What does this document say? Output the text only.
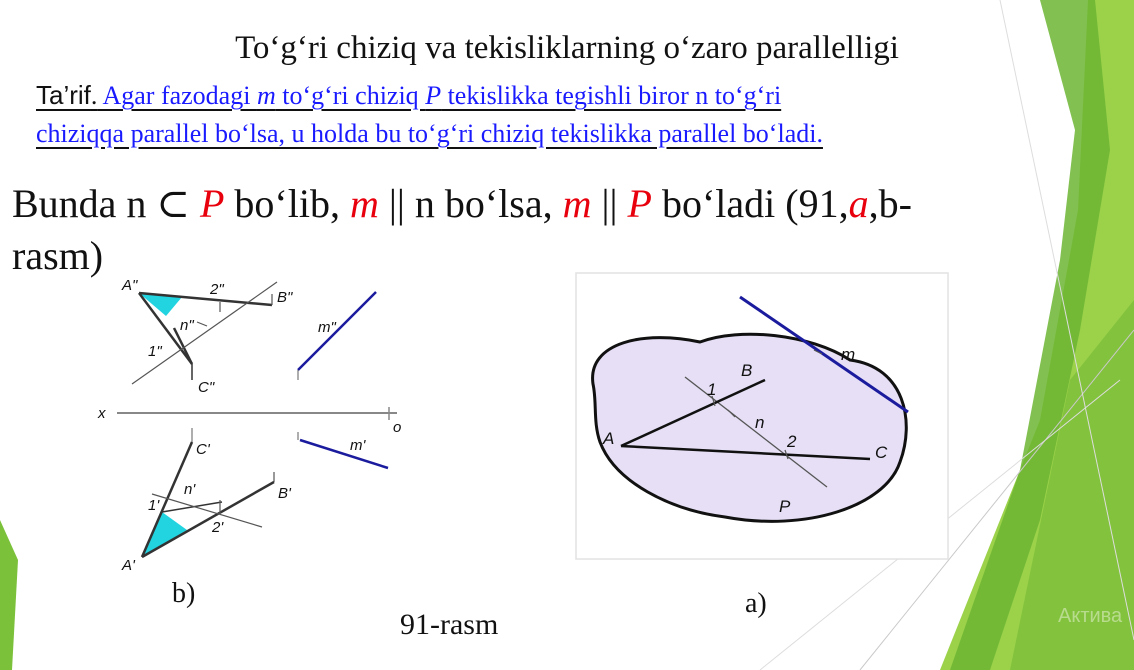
To‘g‘ri chiziq va tekisliklarning o‘zaro parallelligi
Ta’rif. Agar fazodagi m to‘g‘ri chiziq P tekislikka tegishli biror n to‘g‘ri
chiziqqa parallel bo‘lsa, u holda bu to‘g‘ri chiziq tekislikka parallel bo‘ladi.
Bunda n ⊂ P bo‘lib, m || n bo‘lsa, m || P bo‘ladi (91,a,b-
rasm)
A"	2"	B"
n"
1"
C"
m"
x
o
C'	m'
n'
1'
B'
2'
A'
b)
m
B
1
A
n
2
C
P
a)
91-rasm	Актива
